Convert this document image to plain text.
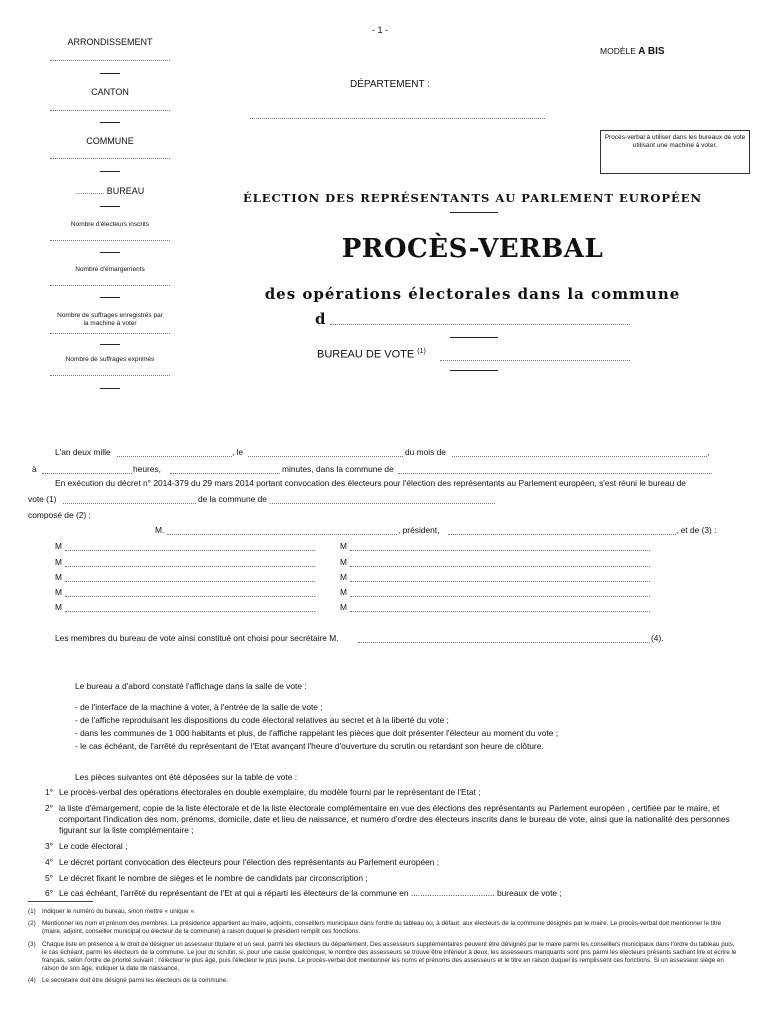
- 1 -
MODÈLE A BIS
ARRONDISSEMENT
CANTON
COMMUNE
............... BUREAU
Nombre d'électeurs inscrits
Nombre d'émargements
Nombre de suffrages enregistrés par la machine à voter
Nombre de suffrages exprimés
DÉPARTEMENT :
Procès-verbal à utiliser dans les bureaux de vote utilisant une machine à voter.
ÉLECTION DES REPRÉSENTANTS AU PARLEMENT EUROPÉEN
PROCÈS-VERBAL
des opérations électorales dans la commune
d
BUREAU DE VOTE $^{(1)}$
L'an deux mille	, le	du mois de	,
à	heures,	minutes, dans la commune de
En exécution du décret n° 2014-379 du 29 mars 2014 portant convocation des électeurs pour l'élection des représentants au Parlement européen, s'est réuni le bureau de
vote (1)	de la commune de
composé de (2) :
M.	, président,	, et de (3) :
M	M
M	M
M	M
M	M
M	M
Les membres du bureau de vote ainsi constitué ont choisi pour secrétaire M.	(4).
Le bureau a d'abord constaté l'affichage dans la salle de vote :
- de l'interface de la machine à voter, à l'entrée de la salle de vote ;
- de l'affiche reproduisant les dispositions du code électoral relatives au secret et à la liberté du vote ;
- dans les communes de 1 000 habitants et plus, de l'affiche rappelant les pièces que doit présenter l'électeur au moment du vote ;
- le cas échéant, de l'arrêté du représentant de l'Etat avançant l'heure d'ouverture du scrutin ou retardant son heure de clôture.
Les pièces suivantes ont été déposées sur la table de vote :
1° Le procès-verbal des opérations électorales en double exemplaire, du modèle fourni par le représentant de l'Etat ;
2° la liste d'émargement, copie de la liste électorale et de la liste électorale complémentaire en vue des élections des représentants au Parlement européen , certifiée par le maire, et comportant l'indication des nom, prénoms, domicile, date et lieu de naissance, et numéro d'ordre des électeurs inscrits dans le bureau de vote, ainsi que la nationalité des personnes figurant sur la liste complémentaire ;
3° Le code électoral ;
4° Le décret portant convocation des électeurs pour l'élection des représentants au Parlement européen ;
5° Le décret fixant le nombre de sièges et le nombre de candidats par circonscription ;
6° Le cas échéant, l'arrêté du représentant de l'Et at qui a réparti les électeurs de la commune en .................................... bureaux de vote ;
(1) Indiquer le numéro du bureau, sinon mettre « unique ».
(2) Mentionner les nom et prénom des membres. La présidence appartient au maire, adjoints, conseillers municipaux dans l'ordre du tableau ou, à défaut, aux électeurs de la commune désignés par le maire. Le procès-verbal doit mentionner le titre (maire, adjoint, conseiller municipal ou électeur de la commune) à raison duquel le président remplit ces fonctions.
(3) Chaque liste en présence a le droit de désigner un assesseur titulaire et un seul, parmi les électeurs du département. Des assesseurs supplémentaires peuvent être désignés par le maire parmi les conseillers municipaux dans l'ordre du tableau puis, le cas échéant, parmi les électeurs de la commune. Le jour du scrutin, si, pour une cause quelconque, le nombre des assesseurs se trouve être inférieur à deux, les assesseurs manquants sont pris parmi les électeurs présents sachant lire et écrire le français, selon l'ordre de priorité suivant : l'électeur le plus âgé, puis l'électeur le plus jeune. Le procès-verbal doit mentionner les noms et prénoms des assesseurs et le titre en raison duquel ils remplissent ces fonctions. Si un assesseur siège en raison de son âge, indiquer la date de naissance.
(4) Le secrétaire doit être désigné parmi les électeurs de la commune.
